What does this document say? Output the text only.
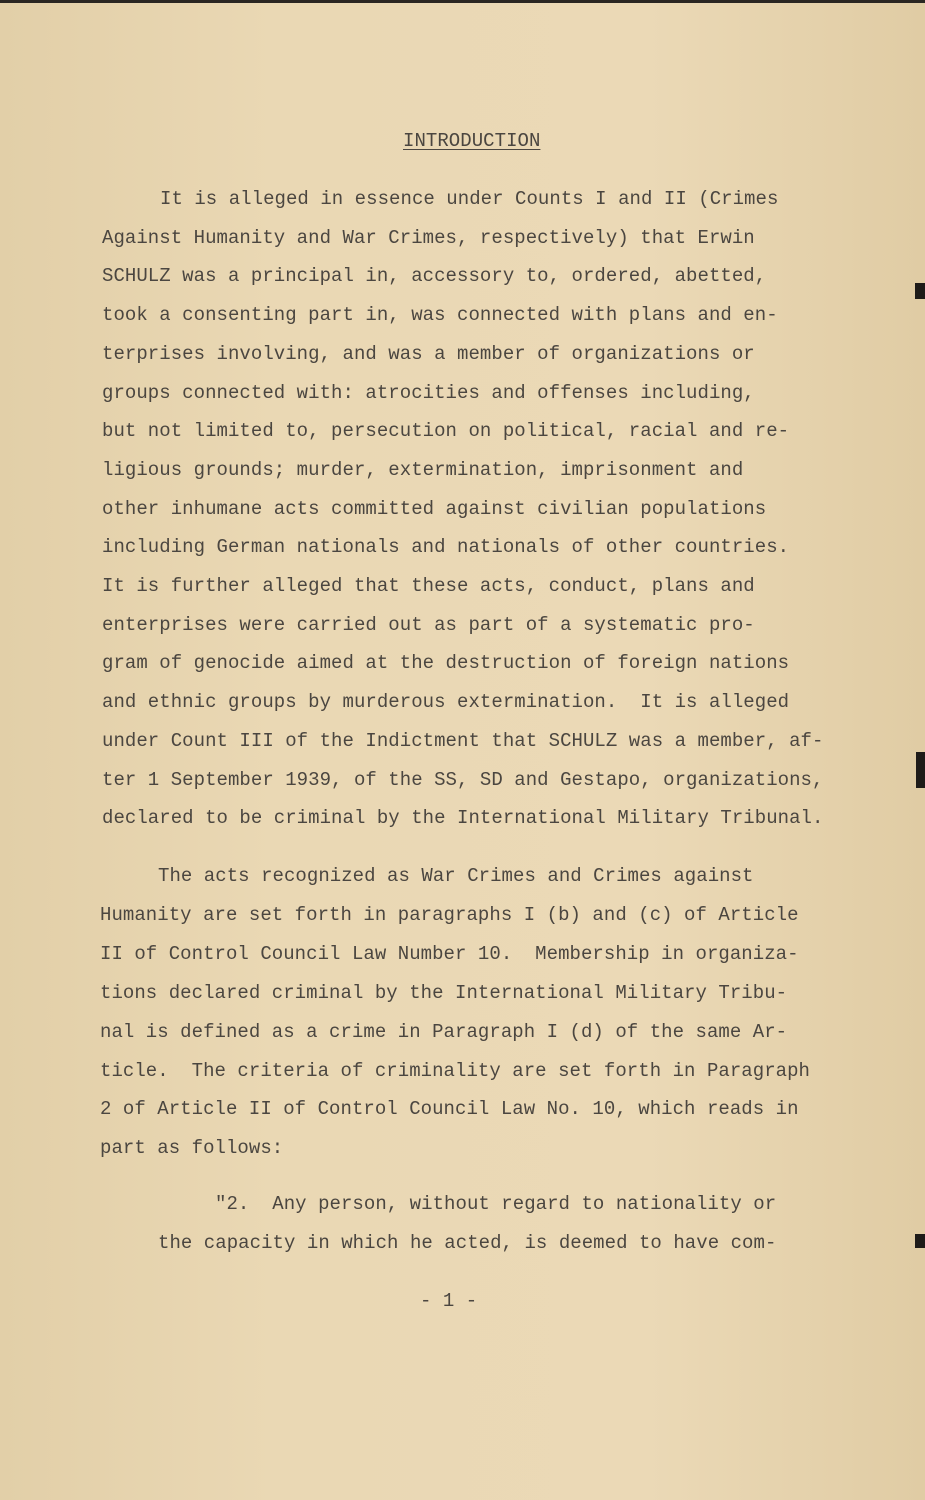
INTRODUCTION
It is alleged in essence under Counts I and II (Crimes
Against Humanity and War Crimes, respectively) that Erwin
SCHULZ was a principal in, accessory to, ordered, abetted,
took a consenting part in, was connected with plans and en-
terprises involving, and was a member of organizations or
groups connected with: atrocities and offenses including,
but not limited to, persecution on political, racial and re-
ligious grounds; murder, extermination, imprisonment and
other inhumane acts committed against civilian populations
including German nationals and nationals of other countries.
It is further alleged that these acts, conduct, plans and
enterprises were carried out as part of a systematic pro-
gram of genocide aimed at the destruction of foreign nations
and ethnic groups by murderous extermination.  It is alleged
under Count III of the Indictment that SCHULZ was a member, af-
ter 1 September 1939, of the SS, SD and Gestapo, organizations,
declared to be criminal by the International Military Tribunal.
The acts recognized as War Crimes and Crimes against
Humanity are set forth in paragraphs I (b) and (c) of Article
II of Control Council Law Number 10.  Membership in organiza-
tions declared criminal by the International Military Tribu-
nal is defined as a crime in Paragraph I (d) of the same Ar-
ticle.  The criteria of criminality are set forth in Paragraph
2 of Article II of Control Council Law No. 10, which reads in
part as follows:
"2.  Any person, without regard to nationality or
the capacity in which he acted, is deemed to have com-
- 1 -
